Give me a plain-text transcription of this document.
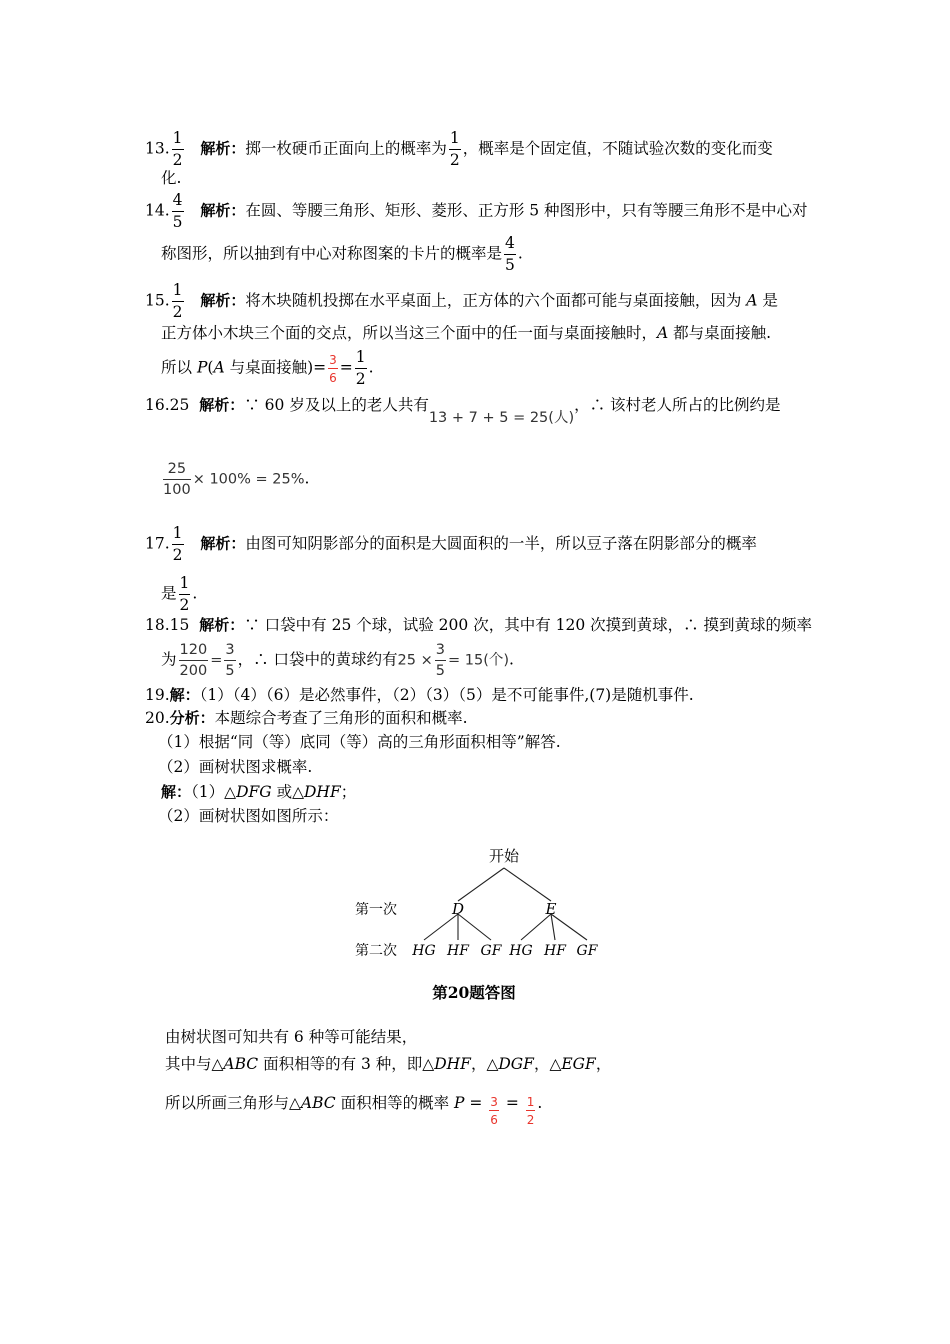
13. $\frac{1}{2}$ 解析：掷一枚硬币正面向上的概率为 $\frac{1}{2}$ ，概率是个固定值，不随试验次数的变化而变
化.
14. $\frac{4}{5}$ 解析：在圆、等腰三角形、矩形、菱形、正方形 5 种图形中，只有等腰三角形不是中心对
称图形，所以抽到有中心对称图案的卡片的概率是 $\frac{4}{5}$ .
15. $\frac{1}{2}$ 解析：将木块随机投掷在水平桌面上，正方体的六个面都可能与桌面接触，因为 A 是
正方体小木块三个面的交点，所以当这三个面中的任一面与桌面接触时，A 都与桌面接触.
所以 P(A 与桌面接触)= $\frac{3}{6} = \frac{1}{2}$ .
16.25 解析：∵ 60 岁及以上的老人共有13 + 7 + 5 = 25(人)，∴ 该村老人所占的比例约是
$\frac{25}{100} \times 100\% = 25\%$.
17. $\frac{1}{2}$ 解析：由图可知阴影部分的面积是大圆面积的一半，所以豆子落在阴影部分的概率
是 $\frac{1}{2}$ .
18.15 解析：∵ 口袋中有 25 个球，试验 200 次，其中有 120 次摸到黄球，∴ 摸到黄球的频率
为 $\frac{120}{200} = \frac{3}{5}$ ，∴ 口袋中的黄球约有$25 \times \frac{3}{5} = 15$(个).
19.解：（1）（4）（6）是必然事件，（2）（3）（5）是不可能事件,(7)是随机事件.
20.分析：本题综合考查了三角形的面积和概率.
（1）根据“同（等）底同（等）高的三角形面积相等”解答.
（2）画树状图求概率.
解：（1）△DFG 或△DHF；
（2）画树状图如图所示：
开始
第一次
第二次
D	E
HG HF GF HG HF GF
第20题答图
由树状图可知共有 6 种等可能结果，
其中与△ABC 面积相等的有 3 种，即△DHF，△DGF，△EGF，
所以所画三角形与△ABC 面积相等的概率 $P = \frac{3}{6} = \frac{1}{2}$ .
